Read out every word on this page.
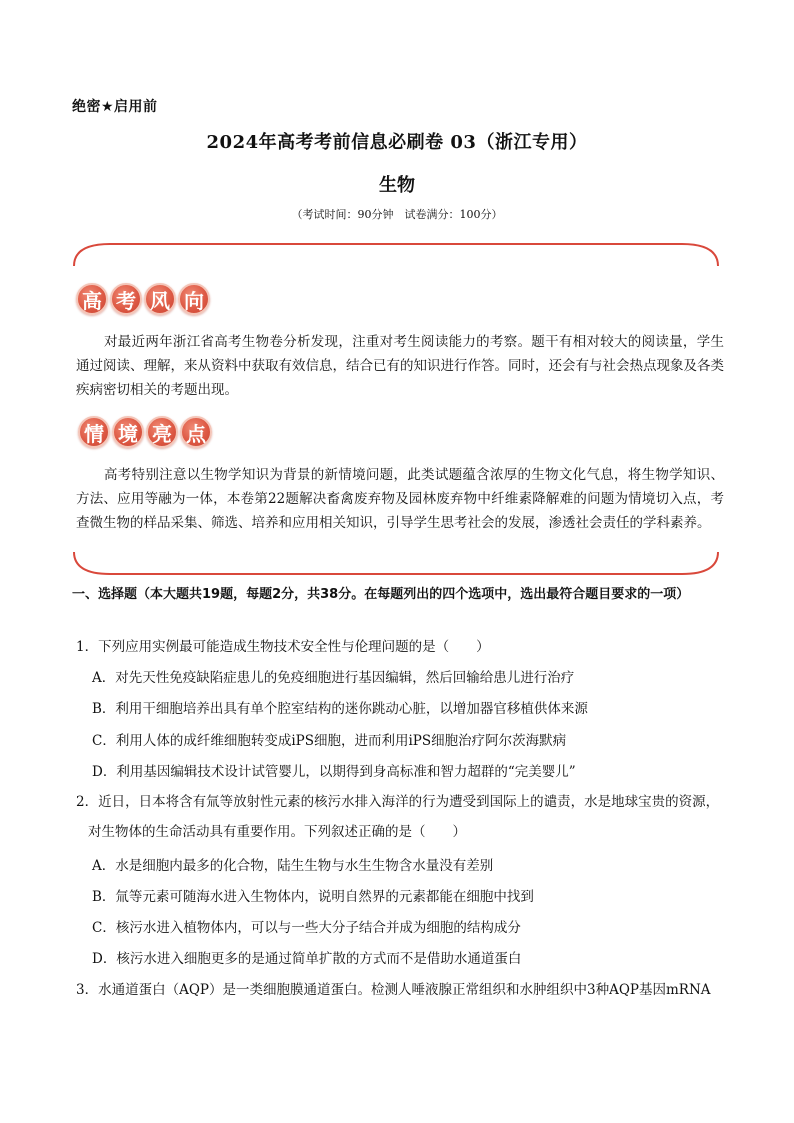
绝密★启用前
2024年高考考前信息必刷卷 03（浙江专用）
生物
（考试时间：90分钟　试卷满分：100分）
高 考 风 向
对最近两年浙江省高考生物卷分析发现，注重对考生阅读能力的考察。题干有相对较大的阅读量，学生通过阅读、理解，来从资料中获取有效信息，结合已有的知识进行作答。同时，还会有与社会热点现象及各类疾病密切相关的考题出现。
情 境 亮 点
高考特别注意以生物学知识为背景的新情境问题，此类试题蕴含浓厚的生物文化气息，将生物学知识、方法、应用等融为一体，本卷第22题解决畜禽废弃物及园林废弃物中纤维素降解难的问题为情境切入点，考查微生物的样品采集、筛选、培养和应用相关知识，引导学生思考社会的发展，渗透社会责任的学科素养。
一、选择题（本大题共19题，每题2分，共38分。在每题列出的四个选项中，选出最符合题目要求的一项）
1．下列应用实例最可能造成生物技术安全性与伦理问题的是（　　）
A．对先天性免疫缺陷症患儿的免疫细胞进行基因编辑，然后回输给患儿进行治疗
B．利用干细胞培养出具有单个腔室结构的迷你跳动心脏，以增加器官移植供体来源
C．利用人体的成纤维细胞转变成iPS细胞，进而利用iPS细胞治疗阿尔茨海默病
D．利用基因编辑技术设计试管婴儿，以期得到身高标准和智力超群的“完美婴儿”
2．近日，日本将含有氚等放射性元素的核污水排入海洋的行为遭受到国际上的谴责，水是地球宝贵的资源，
对生物体的生命活动具有重要作用。下列叙述正确的是（　　）
A．水是细胞内最多的化合物，陆生生物与水生生物含水量没有差别
B．氚等元素可随海水进入生物体内，说明自然界的元素都能在细胞中找到
C．核污水进入植物体内，可以与一些大分子结合并成为细胞的结构成分
D．核污水进入细胞更多的是通过简单扩散的方式而不是借助水通道蛋白
3．水通道蛋白（AQP）是一类细胞膜通道蛋白。检测人唾液腺正常组织和水肿组织中3种AQP基因mRNA
